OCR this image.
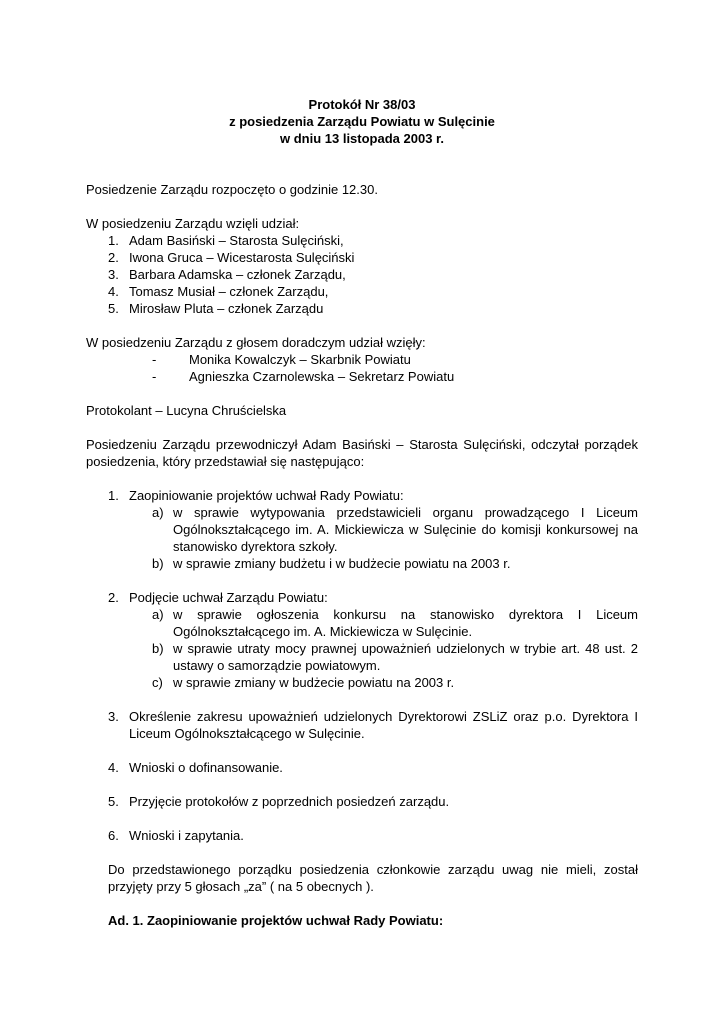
Protokół Nr 38/03
z posiedzenia Zarządu Powiatu w Sulęcinie
w dniu 13 listopada 2003 r.

Posiedzenie Zarządu rozpoczęto o godzinie 12.30.

W posiedzeniu Zarządu wzięli udział:

1. Adam Basiński – Starosta Sulęciński,
2. Iwona Gruca – Wicestarosta Sulęciński
3. Barbara Adamska – członek Zarządu,
4. Tomasz Musiał – członek Zarządu,
5. Mirosław Pluta – członek Zarządu

W posiedzeniu Zarządu z głosem doradczym udział wzięły:

-	Monika Kowalczyk – Skarbnik Powiatu
-	Agnieszka Czarnolewska – Sekretarz Powiatu

Protokolant – Lucyna Chruścielska

Posiedzeniu Zarządu przewodniczył Adam Basiński – Starosta Sulęciński, odczytał porządek posiedzenia, który przedstawiał się następująco:

1. Zaopiniowanie projektów uchwał Rady Powiatu:
a) w sprawie wytypowania przedstawicieli organu prowadzącego I Liceum Ogólnokształcącego im. A. Mickiewicza w Sulęcinie do komisji konkursowej na stanowisko dyrektora szkoły.
b) w sprawie zmiany budżetu i w budżecie powiatu na 2003 r.
2. Podjęcie uchwał Zarządu Powiatu:
a) w sprawie ogłoszenia konkursu na stanowisko dyrektora I Liceum Ogólnokształcącego im. A. Mickiewicza w Sulęcinie.
b) w sprawie utraty mocy prawnej upoważnień udzielonych w trybie art. 48 ust. 2 ustawy o samorządzie powiatowym.
c) w sprawie zmiany w budżecie powiatu na 2003 r.
3. Określenie zakresu upoważnień udzielonych Dyrektorowi ZSLiZ oraz p.o. Dyrektora I Liceum Ogólnokształcącego w Sulęcinie.
4. Wnioski o dofinansowanie.
5. Przyjęcie protokołów z poprzednich posiedzeń zarządu.
6. Wnioski i zapytania.

Do przedstawionego porządku posiedzenia członkowie zarządu uwag nie mieli, został przyjęty przy 5 głosach „za” ( na 5 obecnych ).

Ad. 1. Zaopiniowanie projektów uchwał Rady Powiatu:
